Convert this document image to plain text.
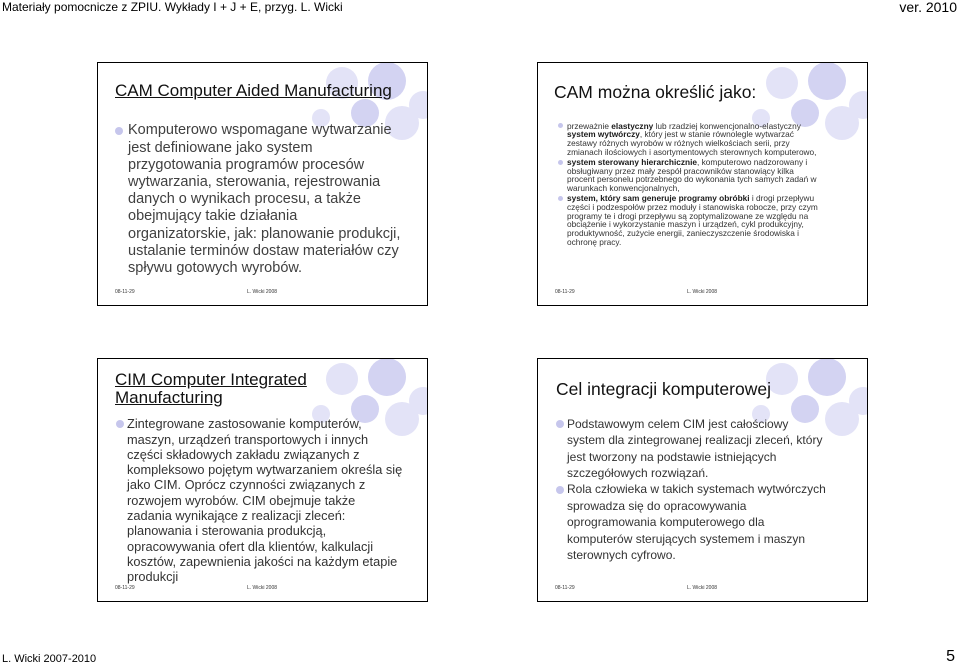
Materiały pomocnicze z ZPIU. Wykłady I + J + E, przyg. L. Wicki	ver. 2010
CAM Computer Aided Manufacturing
Komputerowo wspomagane wytwarzanie
jest definiowane jako system
przygotowania programów procesów
wytwarzania, sterowania, rejestrowania
danych o wynikach procesu, a także
obejmujący takie działania
organizatorskie, jak: planowanie produkcji,
ustalanie terminów dostaw materiałów czy
spływu gotowych wyrobów.
08-11-29	L. Wicki 2008
CAM można określić jako:
przeważnie elastyczny lub rzadziej konwencjonalno-elastyczny
system wytwórczy, który jest w stanie równolegle wytwarzać
zestawy różnych wyrobów w różnych wielkościach serii, przy
zmianach ilościowych i asortymentowych sterownych komputerowo,
system sterowany hierarchicznie, komputerowo nadzorowany i
obsługiwany przez mały zespół pracowników stanowiący kilka
procent personelu potrzebnego do wykonania tych samych zadań w
warunkach konwencjonalnych,
system, który sam generuje programy obróbki i drogi przepływu
części i podzespołów przez moduły i stanowiska robocze, przy czym
programy te i drogi przepływu są zoptymalizowane ze względu na
obciążenie i wykorzystanie maszyn i urządzeń, cykl produkcyjny,
produktywność, zużycie energii, zanieczyszczenie środowiska i
ochronę pracy.
08-11-29	L. Wicki 2008
CIM Computer Integrated
Manufacturing
Zintegrowane zastosowanie komputerów,
maszyn, urządzeń transportowych i innych
części składowych zakładu związanych z
kompleksowo pojętym wytwarzaniem określa się
jako CIM. Oprócz czynności związanych z
rozwojem wyrobów. CIM obejmuje także
zadania wynikające z realizacji zleceń:
planowania i sterowania produkcją,
opracowywania ofert dla klientów, kalkulacji
kosztów, zapewnienia jakości na każdym etapie
produkcji
08-11-29	L. Wicki 2008
Cel integracji komputerowej
Podstawowym celem CIM jest całościowy
system dla zintegrowanej realizacji zleceń, który
jest tworzony na podstawie istniejących
szczegółowych rozwiązań.
Rola człowieka w takich systemach wytwórczych
sprowadza się do opracowywania
oprogramowania komputerowego dla
komputerów sterujących systemem i maszyn
sterownych cyfrowo.
08-11-29	L. Wicki 2008
L. Wicki 2007-2010	5
